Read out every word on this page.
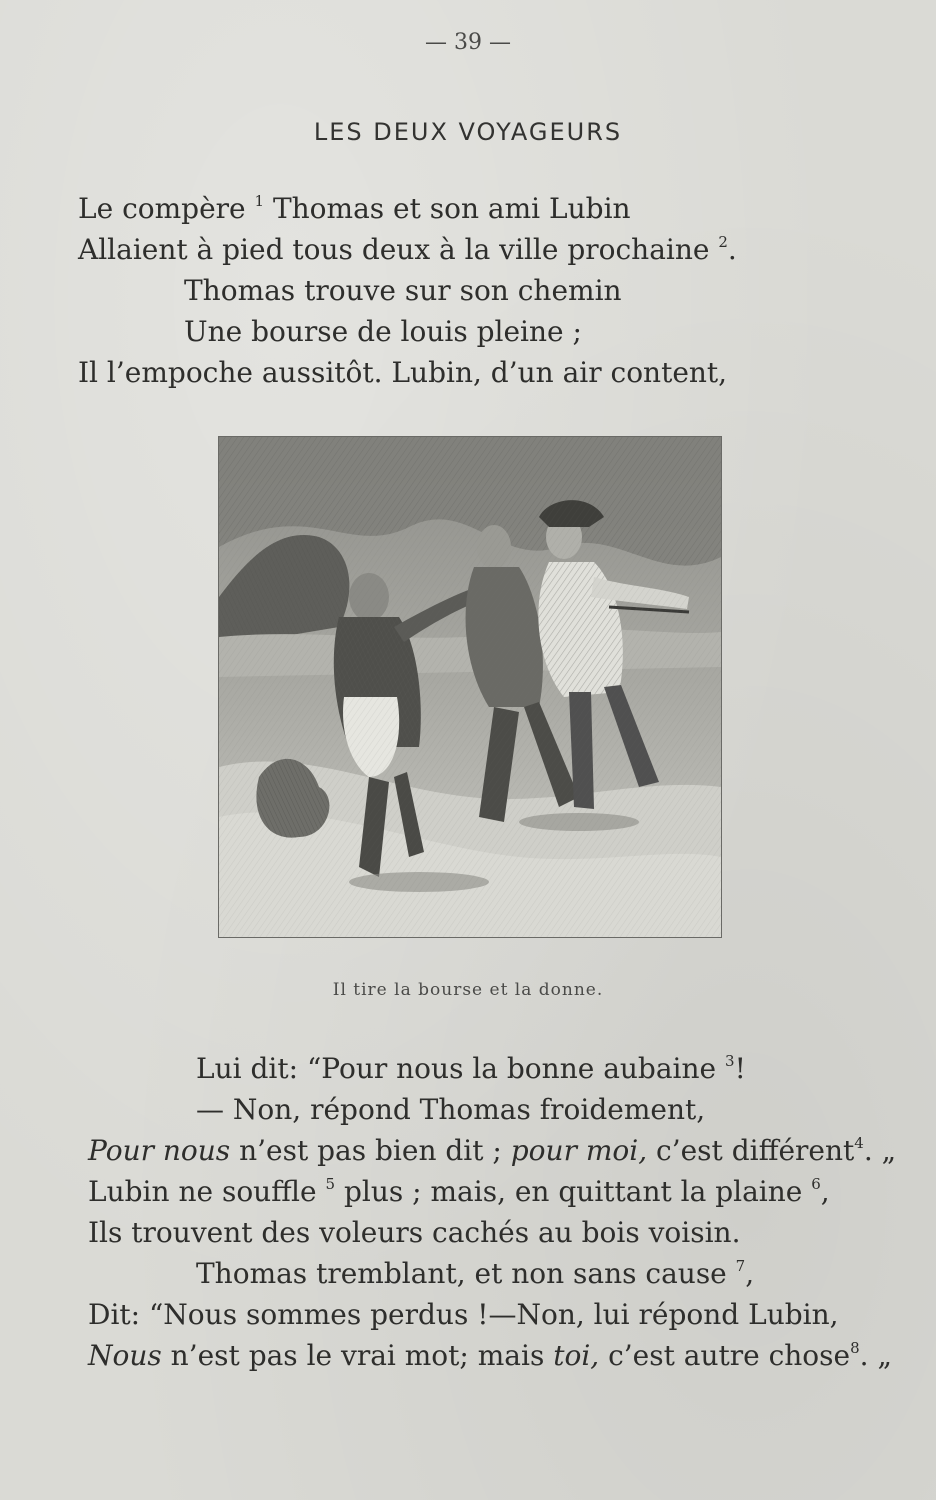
— 39 —
LES DEUX VOYAGEURS
Le compère $^1$ Thomas et son ami Lubin
Allaient à pied tous deux à la ville prochaine $^2$.
Thomas trouve sur son chemin
Une bourse de louis pleine ;
Il l’empoche aussitôt. Lubin, d’un air content,
Il tire la bourse et la donne.
Lui dit: “Pour nous la bonne aubaine $^3$!
— Non, répond Thomas froidement,
Pour nous n’est pas bien dit ; pour moi, c’est différent$^4$. „
Lubin ne souffle $^5$ plus ; mais, en quittant la plaine $^6$,
Ils trouvent des voleurs cachés au bois voisin.
Thomas tremblant, et non sans cause $^7$,
Dit: “Nous sommes perdus !—Non, lui répond Lubin,
Nous n’est pas le vrai mot; mais toi, c’est autre chose$^8$. „
